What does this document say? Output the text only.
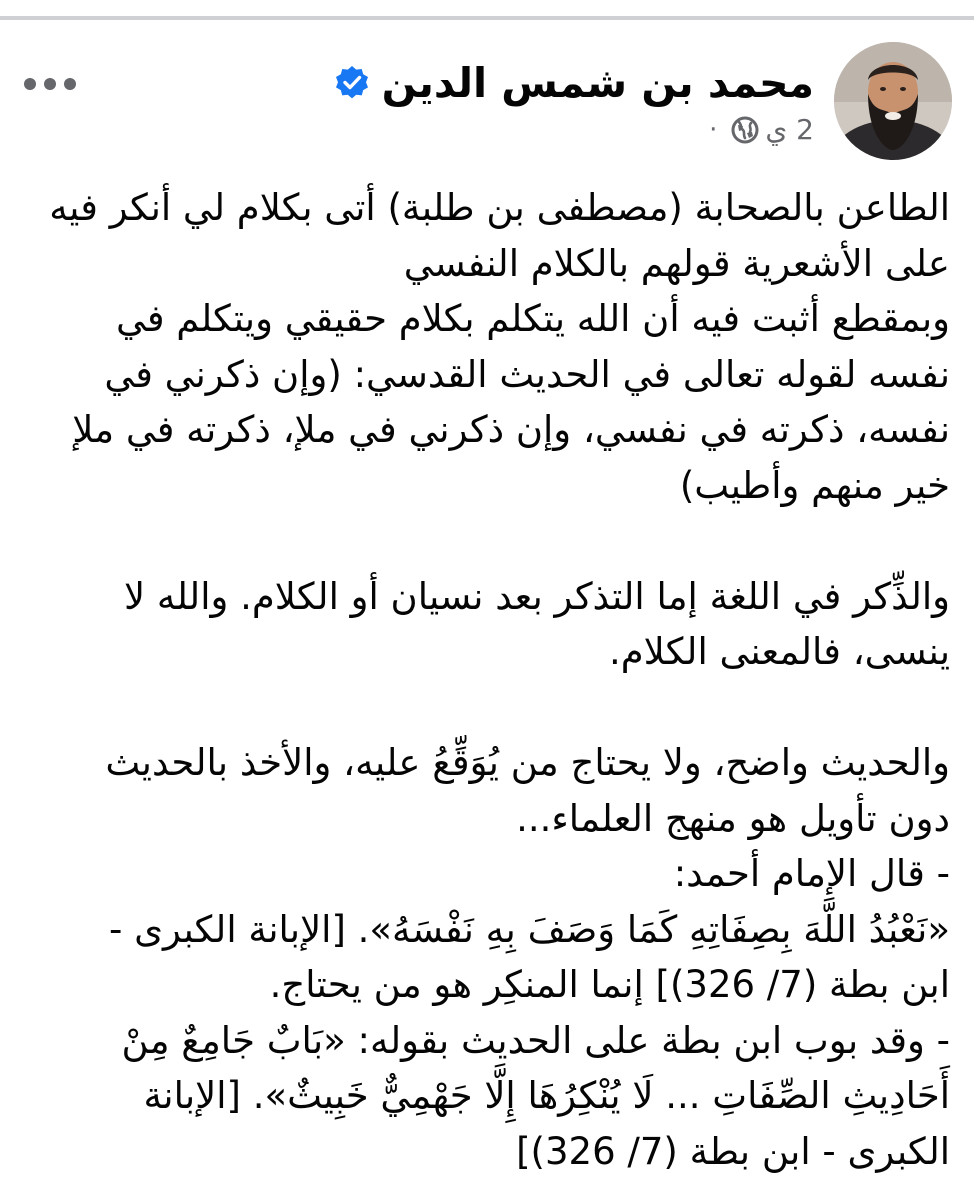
محمد بن شمس الدين
2 ي
·
الطاعن بالصحابة (مصطفى بن طلبة) أتى بكلام لي أنكر فيه
على الأشعرية قولهم بالكلام النفسي
وبمقطع أثبت فيه أن الله يتكلم بكلام حقيقي ويتكلم في
نفسه لقوله تعالى في الحديث القدسي: (وإن ذكرني في
نفسه، ذكرته في نفسي، وإن ذكرني في ملإ، ذكرته في ملإ
خير منهم وأطيب)
والذِّكر في اللغة إما التذكر بعد نسيان أو الكلام. والله لا
ينسى، فالمعنى الكلام.
والحديث واضح، ولا يحتاج من يُوَقِّعُ عليه، والأخذ بالحديث
دون تأويل هو منهج العلماء...
- قال الإمام أحمد:
«نَعْبُدُ اللَّهَ بِصِفَاتِهِ كَمَا وَصَفَ بِهِ نَفْسَهُ». [الإبانة الكبرى -
ابن بطة (7/ 326)] إنما المنكِر هو من يحتاج.
- وقد بوب ابن بطة على الحديث بقوله: «بَابٌ جَامِعٌ مِنْ
أَحَادِيثِ الصِّفَاتِ ... لَا يُنْكِرُهَا إِلَّا جَهْمِيٌّ خَبِيثٌ». [الإبانة
الكبرى - ابن بطة (7/ 326)]
